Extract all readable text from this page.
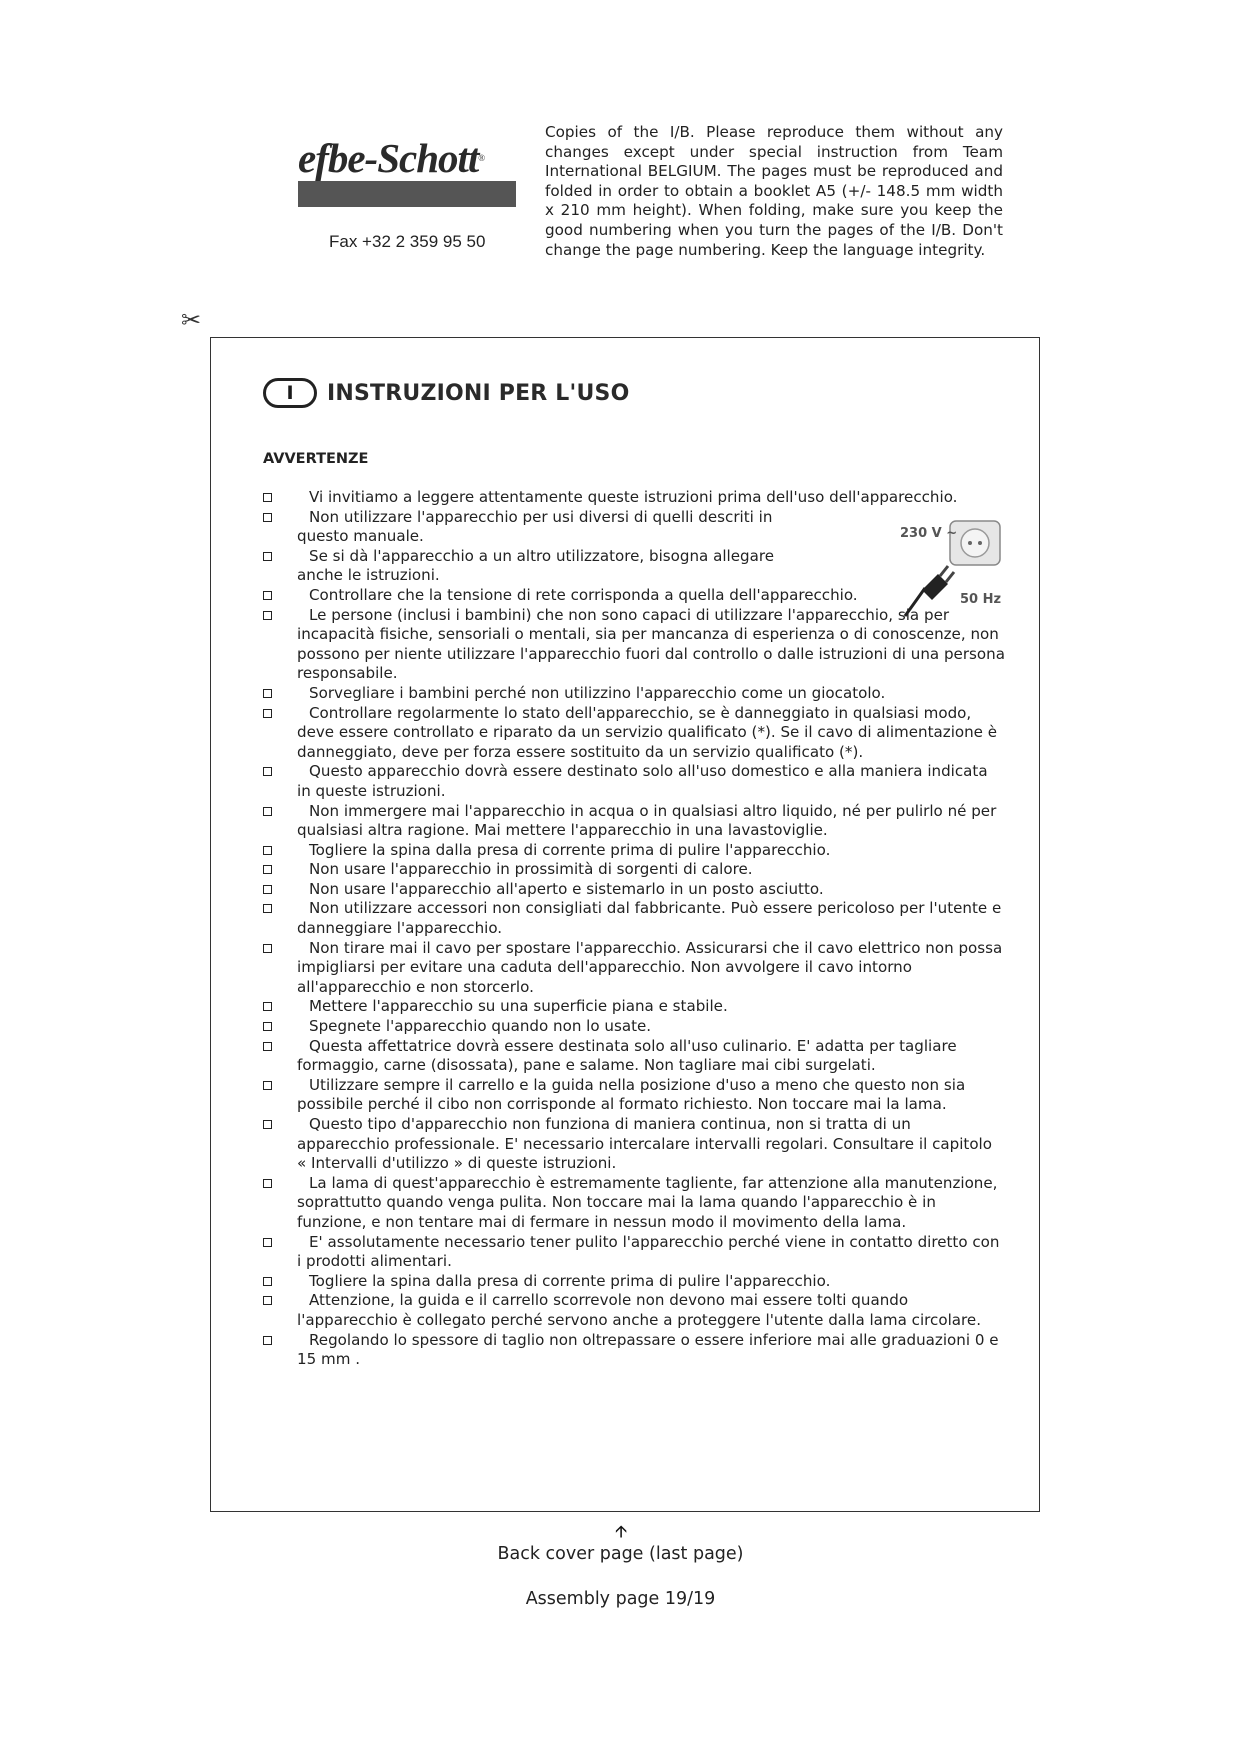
efbe-Schott®
Fax +32 2 359 95 50
Copies of the I/B. Please reproduce them without any changes except under special instruction from Team International BELGIUM. The pages must be reproduced and folded in order to obtain a booklet A5 (+/- 148.5 mm width x 210 mm height). When folding, make sure you keep the good numbering when you turn the pages of the I/B. Don't change the page numbering. Keep the language integrity.
✂
I	INSTRUZIONI PER L'USO
AVVERTENZE
230 V ~
50 Hz
Vi invitiamo a leggere attentamente queste istruzioni prima dell'uso dell'apparecchio.
Non utilizzare l'apparecchio per usi diversi di quelli descriti in questo manuale.
Se si dà l'apparecchio a un altro utilizzatore, bisogna allegare anche le istruzioni.
Controllare che la tensione di rete corrisponda a quella dell'apparecchio.
Le persone (inclusi i bambini) che non sono capaci di utilizzare l'apparecchio, sia per incapacità fisiche, sensoriali o mentali, sia per mancanza di esperienza o di conoscenze, non possono per niente utilizzare l'apparecchio fuori dal controllo o dalle istruzioni di una persona responsabile.
Sorvegliare i bambini perché non utilizzino l'apparecchio come un giocatolo.
Controllare regolarmente lo stato dell'apparecchio, se è danneggiato in qualsiasi modo, deve essere controllato e riparato da un servizio qualificato (*). Se il cavo di alimentazione è danneggiato, deve per forza essere sostituito da un servizio qualificato (*).
Questo apparecchio dovrà essere destinato solo all'uso domestico e alla maniera indicata in queste istruzioni.
Non immergere mai l'apparecchio in acqua o in qualsiasi altro liquido, né per pulirlo né per qualsiasi altra ragione. Mai mettere l'apparecchio in una lavastoviglie.
Togliere la spina dalla presa di corrente prima di pulire l'apparecchio.
Non usare l'apparecchio in prossimità di sorgenti di calore.
Non usare l'apparecchio all'aperto e sistemarlo in un posto asciutto.
Non utilizzare accessori non consigliati dal fabbricante. Può essere pericoloso per l'utente e danneggiare l'apparecchio.
Non tirare mai il cavo per spostare l'apparecchio. Assicurarsi che il cavo elettrico non possa impigliarsi per evitare una caduta dell'apparecchio. Non avvolgere il cavo intorno all'apparecchio e non storcerlo.
Mettere l'apparecchio su una superficie piana e stabile.
Spegnete l'apparecchio quando non lo usate.
Questa affettatrice dovrà essere destinata solo all'uso culinario. E' adatta per tagliare formaggio, carne (disossata), pane e salame. Non tagliare mai cibi surgelati.
Utilizzare sempre il carrello e la guida nella posizione d'uso a meno che questo non sia possibile perché il cibo non corrisponde al formato richiesto. Non toccare mai la lama.
Questo tipo d'apparecchio non funziona di maniera continua, non si tratta di un apparecchio professionale. E' necessario intercalare intervalli regolari. Consultare il capitolo « Intervalli d'utilizzo » di queste istruzioni.
La lama di quest'apparecchio è estremamente tagliente, far attenzione alla manutenzione, soprattutto quando venga pulita. Non toccare mai la lama quando l'apparecchio è in funzione, e non tentare mai di fermare in nessun modo il movimento della lama.
E' assolutamente necessario tener pulito l'apparecchio perché viene in contatto diretto con i prodotti alimentari.
Togliere la spina dalla presa di corrente prima di pulire l'apparecchio.
Attenzione, la guida e il carrello scorrevole non devono mai essere tolti quando l'apparecchio è collegato perché servono anche a proteggere l'utente dalla lama circolare.
Regolando lo spessore di taglio non oltrepassare o essere inferiore mai alle graduazioni 0 e 15 mm .
🡩
Back cover page (last page)
Assembly page 19/19
